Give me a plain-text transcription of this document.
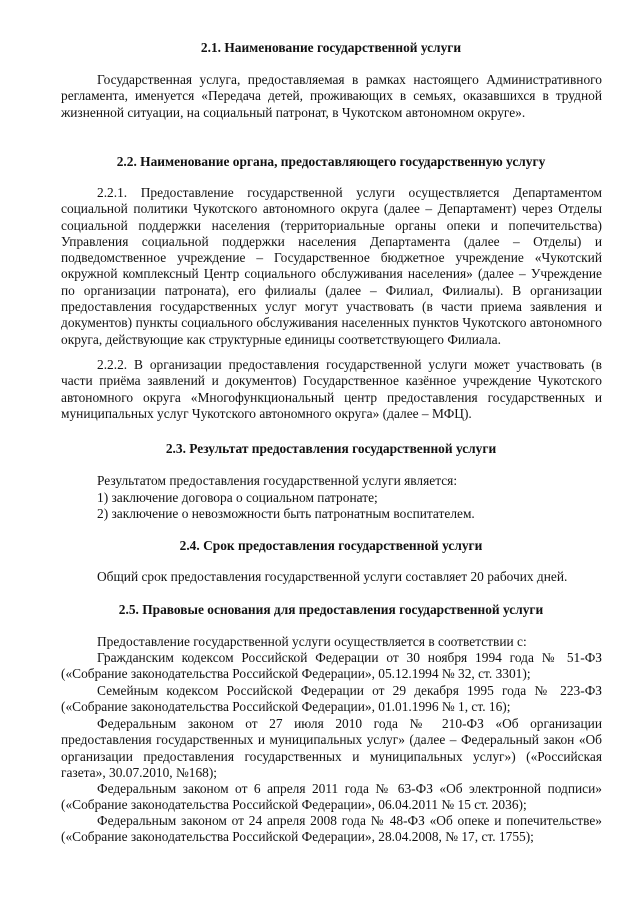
2.1. Наименование государственной услуги
Государственная услуга, предоставляемая в рамках настоящего Административного регламента, именуется «Передача детей, проживающих в семьях, оказавшихся в трудной жизненной ситуации, на социальный патронат, в Чукотском автономном округе».
2.2. Наименование органа, предоставляющего государственную услугу
2.2.1. Предоставление государственной услуги осуществляется Департаментом социальной политики Чукотского автономного округа (далее – Департамент) через Отделы социальной поддержки населения (территориальные органы опеки и попечительства) Управления социальной поддержки населения Департамента (далее – Отделы) и подведомственное учреждение – Государственное бюджетное учреждение «Чукотский окружной комплексный Центр социального обслуживания населения» (далее – Учреждение по организации патроната), его филиалы (далее – Филиал, Филиалы). В организации предоставления государственных услуг могут участвовать (в части приема заявления и документов) пункты социального обслуживания населенных пунктов Чукотского автономного округа, действующие как структурные единицы соответствующего Филиала.
2.2.2. В организации предоставления государственной услуги может участвовать (в части приёма заявлений и документов) Государственное казённое учреждение Чукотского автономного округа «Многофункциональный центр предоставления государственных и муниципальных услуг Чукотского автономного округа» (далее – МФЦ).
2.3. Результат предоставления государственной услуги
Результатом предоставления государственной услуги является:
1) заключение договора о социальном патронате;
2) заключение о невозможности быть патронатным воспитателем.
2.4. Срок предоставления государственной услуги
Общий срок предоставления государственной услуги составляет 20 рабочих дней.
2.5. Правовые основания для предоставления государственной услуги
Предоставление государственной услуги осуществляется в соответствии с:
Гражданским кодексом Российской Федерации от 30 ноября 1994 года № 51-ФЗ («Собрание законодательства Российской Федерации», 05.12.1994 № 32, ст. 3301);
Семейным кодексом Российской Федерации от 29 декабря 1995 года № 223-ФЗ («Собрание законодательства Российской Федерации», 01.01.1996 № 1, ст. 16);
Федеральным законом от 27 июля 2010 года № 210-ФЗ «Об организации предоставления государственных и муниципальных услуг» (далее – Федеральный закон «Об организации предоставления государственных и муниципальных услуг») («Российская газета», 30.07.2010, №168);
Федеральным законом от 6 апреля 2011 года № 63-ФЗ «Об электронной подписи» («Собрание законодательства Российской Федерации», 06.04.2011 № 15 ст. 2036);
Федеральным законом от 24 апреля 2008 года № 48-ФЗ «Об опеке и попечительстве» («Собрание законодательства Российской Федерации», 28.04.2008, № 17, ст. 1755);
